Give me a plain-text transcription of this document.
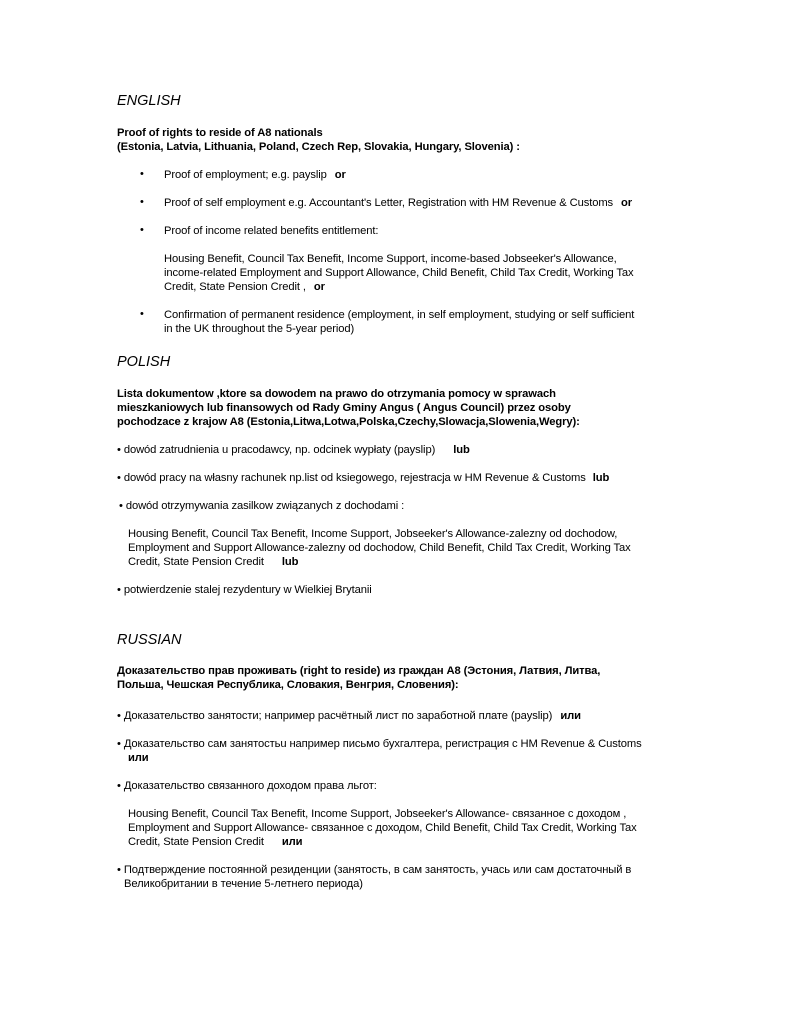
ENGLISH
Proof of rights to reside of A8 nationals
(Estonia, Latvia, Lithuania, Poland, Czech Rep, Slovakia, Hungary, Slovenia) :
• Proof of employment; e.g. payslip or
• Proof of self employment e.g. Accountant's Letter, Registration with HM Revenue & Customs or
• Proof of income related benefits entitlement:
Housing Benefit, Council Tax Benefit, Income Support, income-based Jobseeker's Allowance,
income-related Employment and Support Allowance, Child Benefit, Child Tax Credit, Working Tax
Credit, State Pension Credit , or
• Confirmation of permanent residence (employment, in self employment, studying or self sufficient
in the UK throughout the 5-year period)
POLISH
Lista dokumentow ,ktore sa dowodem na prawo do otrzymania pomocy w sprawach
mieszkaniowych lub finansowych od Rady Gminy Angus ( Angus Council) przez osoby
pochodzace z krajow A8 (Estonia,Litwa,Lotwa,Polska,Czechy,Slowacja,Slowenia,Wegry):
• dowód zatrudnienia u pracodawcy, np. odcinek wypłaty (payslip) lub
• dowód pracy na własny rachunek np.list od ksiegowego, rejestracja w HM Revenue & Customs lub
• dowód otrzymywania zasilkow związanych z dochodami :
Housing Benefit, Council Tax Benefit, Income Support, Jobseeker's Allowance-zalezny od dochodow,
Employment and Support Allowance-zalezny od dochodow, Child Benefit, Child Tax Credit, Working Tax
Credit, State Pension Credit lub
• potwierdzenie stalej rezydentury w Wielkiej Brytanii
RUSSIAN
Доказательство прав проживать (right to reside) из граждан A8 (Эстония, Латвия, Литва,
Польша, Чешская Республика, Словакия, Венгрия, Словения):
• Доказательство занятости; например расчётный лист по заработной плате (payslip) или
• Доказательство сам занятостьu например письмо бухгалтера, регистрация с HM Revenue & Customs
или
• Доказательство связанного доходом права льгот:
Housing Benefit, Council Tax Benefit, Income Support, Jobseeker's Allowance- связанное с доходом ,
Employment and Support Allowance- связанное с доходом, Child Benefit, Child Tax Credit, Working Tax
Credit, State Pension Credit или
• Подтверждение постоянной резиденции (занятость, в сам занятость, учась или сам достаточный в
Великобритании в течение 5-летнего периода)
